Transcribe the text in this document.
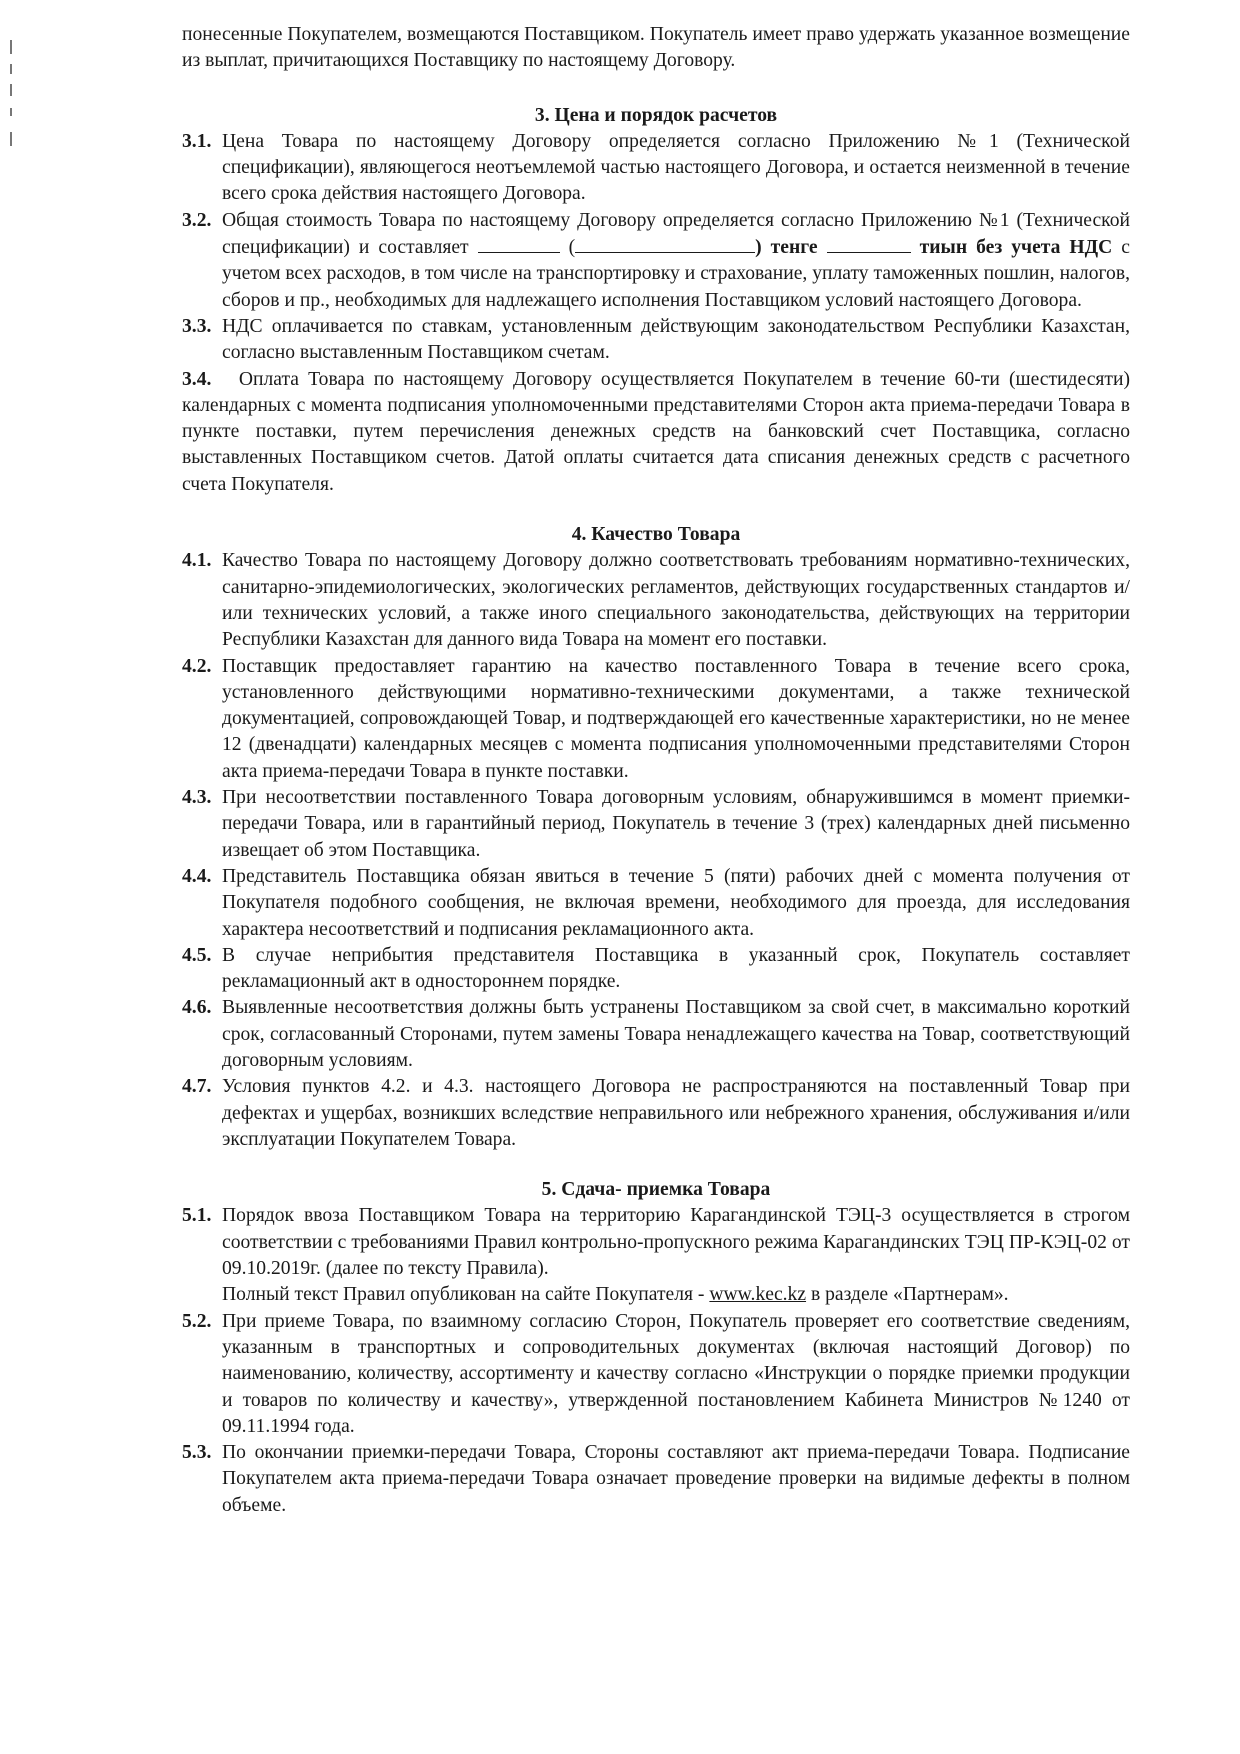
понесенные Покупателем, возмещаются Поставщиком. Покупатель имеет право удержать указанное возмещение из выплат, причитающихся Поставщику по настоящему Договору.

3. Цена и порядок расчетов

3.1. Цена Товара по настоящему Договору определяется согласно Приложению №1 (Технической спецификации), являющегося неотъемлемой частью настоящего Договора, и остается неизменной в течение всего срока действия настоящего Договора.
3.2. Общая стоимость Товара по настоящему Договору определяется согласно Приложению №1 (Технической спецификации) и составляет	(	) тенге	тиын без учета НДС с учетом всех расходов, в том числе на транспортировку и страхование, уплату таможенных пошлин, налогов, сборов и пр., необходимых для надлежащего исполнения Поставщиком условий настоящего Договора.
3.3. НДС оплачивается по ставкам, установленным действующим законодательством Республики Казахстан, согласно выставленным Поставщиком счетам.

3.4. Оплата Товара по настоящему Договору осуществляется Покупателем в течение 60-ти (шестидесяти) календарных с момента подписания уполномоченными представителями Сторон акта приема-передачи Товара в пункте поставки, путем перечисления денежных средств на банковский счет Поставщика, согласно выставленных Поставщиком счетов. Датой оплаты считается дата списания денежных средств с расчетного счета Покупателя.

4. Качество Товара

4.1. Качество Товара по настоящему Договору должно соответствовать требованиям нормативно-технических, санитарно-эпидемиологических, экологических регламентов, действующих государственных стандартов и/или технических условий, а также иного специального законодательства, действующих на территории Республики Казахстан для данного вида Товара на момент его поставки.
4.2. Поставщик предоставляет гарантию на качество поставленного Товара в течение всего срока, установленного действующими нормативно-техническими документами, а также технической документацией, сопровождающей Товар, и подтверждающей его качественные характеристики, но не менее 12 (двенадцати) календарных месяцев с момента подписания уполномоченными представителями Сторон акта приема-передачи Товара в пункте поставки.
4.3. При несоответствии поставленного Товара договорным условиям, обнаружившимся в момент приемки-передачи Товара, или в гарантийный период, Покупатель в течение 3 (трех) календарных дней письменно извещает об этом Поставщика.
4.4. Представитель Поставщика обязан явиться в течение 5 (пяти) рабочих дней с момента получения от Покупателя подобного сообщения, не включая времени, необходимого для проезда, для исследования характера несоответствий и подписания рекламационного акта.
4.5. В случае неприбытия представителя Поставщика в указанный срок, Покупатель составляет рекламационный акт в одностороннем порядке.
4.6. Выявленные несоответствия должны быть устранены Поставщиком за свой счет, в максимально короткий срок, согласованный Сторонами, путем замены Товара ненадлежащего качества на Товар, соответствующий договорным условиям.
4.7. Условия пунктов 4.2. и 4.3. настоящего Договора не распространяются на поставленный Товар при дефектах и ущербах, возникших вследствие неправильного или небрежного хранения, обслуживания и/или эксплуатации Покупателем Товара.

5. Сдача- приемка Товара

5.1. Порядок ввоза Поставщиком Товара на территорию Карагандинской ТЭЦ-3 осуществляется в строгом соответствии с требованиями Правил контрольно-пропускного режима Карагандинских ТЭЦ ПР-КЭЦ-02 от 09.10.2019г. (далее по тексту Правила).

Полный текст Правил опубликован на сайте Покупателя - www.kec.kz в разделе «Партнерам».

5.2. При приеме Товара, по взаимному согласию Сторон, Покупатель проверяет его соответствие сведениям, указанным в транспортных и сопроводительных документах (включая настоящий Договор) по наименованию, количеству, ассортименту и качеству согласно «Инструкции о порядке приемки продукции и товаров по количеству и качеству», утвержденной постановлением Кабинета Министров №1240 от 09.11.1994 года.
5.3. По окончании приемки-передачи Товара, Стороны составляют акт приема-передачи Товара. Подписание Покупателем акта приема-передачи Товара означает проведение проверки на видимые дефекты в полном объеме.
